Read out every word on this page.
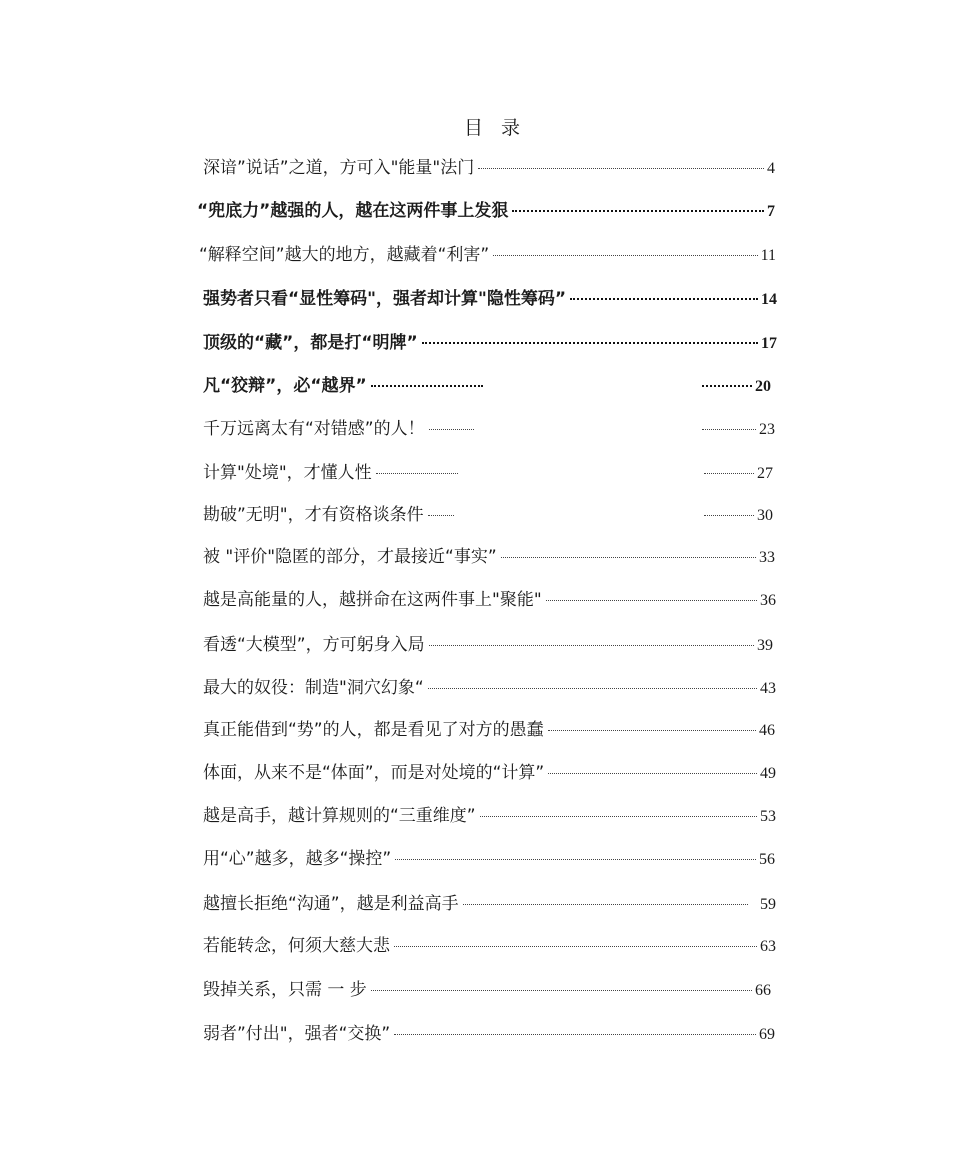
目 录
深谙”说话”之道，方可入"能量"法门	4
“兜底力”越强的人，越在这两件事上发狠	7
“解释空间”越大的地方，越藏着“利害”	11
强势者只看“显性筹码"，强者却计算"隐性筹码”	14
顶级的“藏”，都是打“明牌”	17
凡“狡辩”，必“越界”	20
千万远离太有“对错感”的人！	23
计算"处境"，才懂人性	27
勘破”无明"，才有资格谈条件	30
被 "评价"隐匿的部分，才最接近“事实”	33
越是高能量的人，越拼命在这两件事上"聚能"	36
看透“大模型”，方可躬身入局	39
最大的奴役：制造"洞穴幻象“	43
真正能借到“势”的人，都是看见了对方的愚蠢	46
体面，从来不是“体面”，而是对处境的“计算”	49
越是高手，越计算规则的“三重维度”	53
用“心”越多，越多“操控”	56
越擅长拒绝“沟通”，越是利益高手	59
若能转念，何须大慈大悲	63
毁掉关系，只需 一 步	66
弱者”付出"，强者“交换”	69
